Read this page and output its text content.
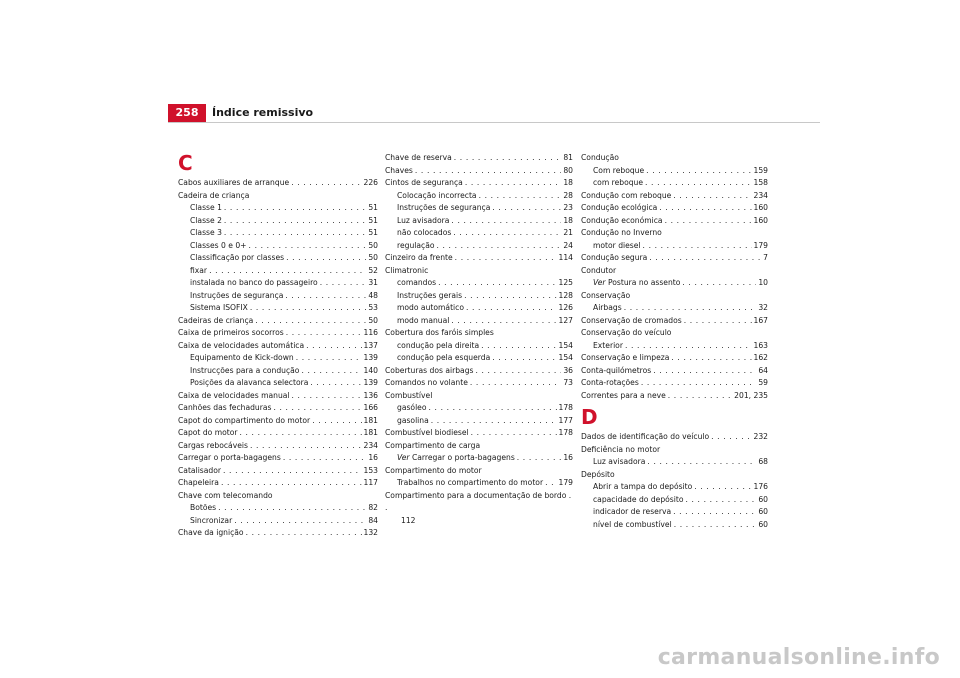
258	Índice remissivo
C
Cabos auxiliares de arranque . . .	226
Cadeira de criança
Classe 1 . . .	51
Classe 2 . . .	51
Classe 3 . . .	51
Classes 0 e 0+ . . .	50
Classificação por classes . . .	50
fixar . . .	52
instalada no banco do passageiro . . .	31
Instruções de segurança . . .	48
Sistema ISOFIX . . .	53
Cadeiras de criança . . .	50
Caixa de primeiros socorros . . .	116
Caixa de velocidades automática . . .	137
Equipamento de Kick-down . . .	139
Instrucções para a condução . . .	140
Posições da alavanca selectora . . .	139
Caixa de velocidades manual . . .	136
Canhões das fechaduras . . .	166
Capot do compartimento do motor . . .	181
Capot do motor . . .	181
Cargas rebocáveis . . .	234
Carregar o porta-bagagens . . .	16
Catalisador . . .	153
Chapeleira . . .	117
Chave com telecomando
Botões . . .	82
Sincronizar . . .	84
Chave da ignição . . .	132
Chave de reserva . . .	81
Chaves . . .	80
Cintos de segurança . . .	18
Colocação incorrecta . . .	28
Instruções de segurança . . .	23
Luz avisadora . . .	18
não colocados . . .	21
regulação . . .	24
Cinzeiro da frente . . .	114
Climatronic
comandos . . .	125
Instruções gerais . . .	128
modo automático . . .	126
modo manual . . .	127
Cobertura dos faróis simples
condução pela direita . . .	154
condução pela esquerda . . .	154
Coberturas dos airbags . . .	36
Comandos no volante . . .	73
Combustível
gasóleo . . .	178
gasolina . . .	177
Combustível biodiesel . . .	178
Compartimento de carga
Ver Carregar o porta-bagagens . . .	16
Compartimento do motor
Trabalhos no compartimento do motor . . . 179
Compartimento para a documentação de bordo . .
112
Condução
Com reboque . . .	159
com reboque . . .	158
Condução com reboque . . .	234
Condução ecológica . . .	160
Condução económica . . .	160
Condução no Inverno
motor diesel . . .	179
Condução segura . . .	7
Condutor
Ver Postura no assento . . .	10
Conservação
Airbags . . .	32
Conservação de cromados . . .	167
Conservação do veículo
Exterior . . .	163
Conservação e limpeza . . .	162
Conta-quilómetros . . .	64
Conta-rotações . . .	59
Correntes para a neve . . .	201, 235
D
Dados de identificação do veículo . . .	232
Deficiência no motor
Luz avisadora . . .	68
Depósito
Abrir a tampa do depósito . . .	176
capacidade do depósito . . .	60
indicador de reserva . . .	60
nível de combustível . . .	60
carmanualsonline.info
